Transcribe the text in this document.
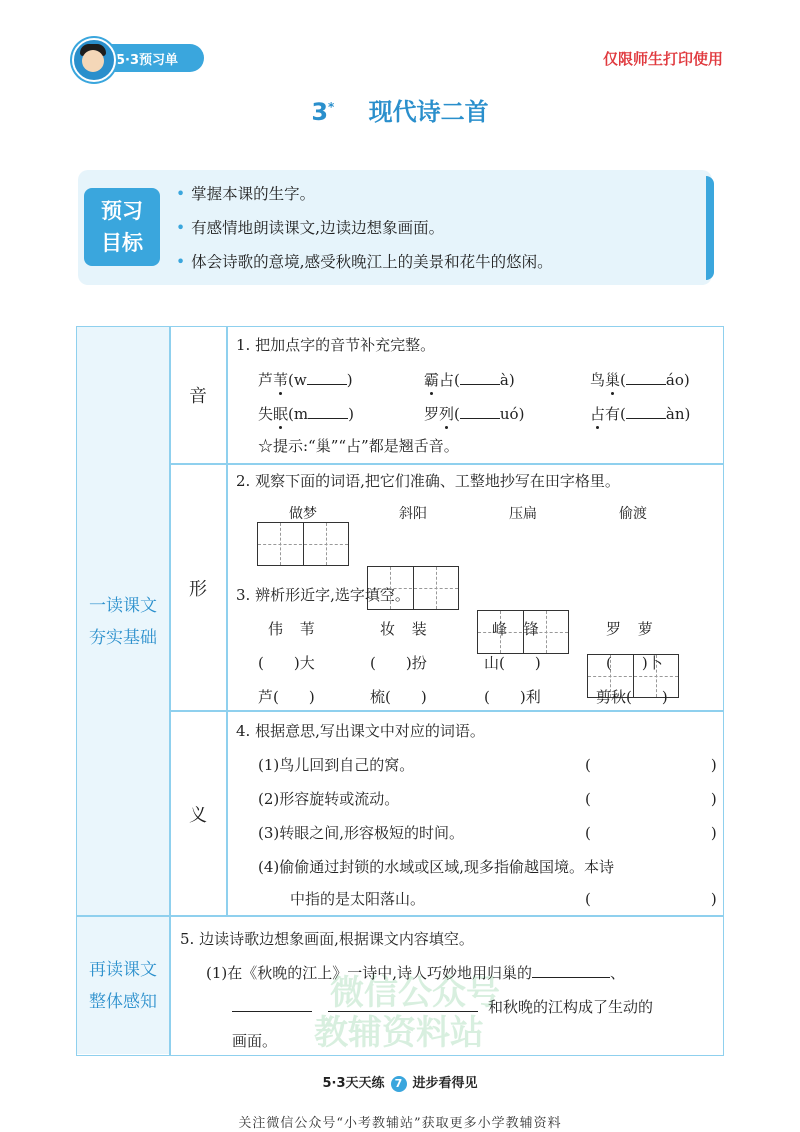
5·3预习单	仅限师生打印使用
3* 现代诗二首
预习
目标
• 掌握本课的生字。
• 有感情地朗读课文,边读边想象画面。
• 体会诗歌的意境,感受秋晚江上的美景和花牛的悠闲。
一读课文
夯实基础
再读课文
整体感知
音
形
义
1. 把加点字的音节补充完整。
芦苇(w	)	霸占(	à)	鸟巢(	áo)
失眠(m	)	罗列(	uó)	占有(	àn)
☆提示:“巢”“占”都是翘舌音。
2. 观察下面的词语,把它们准确、工整地抄写在田字格里。
做梦	斜阳	压扁	偷渡
3. 辨析形近字,选字填空。
伟 苇	妆 装	峰 锋	罗 萝
(　　)大	(　　)扮	山(　　)	(　　)卜
芦(　　)	梳(　　)	(　　)利	剪秋(　　)
微信公众号
教辅资料站
4. 根据意思,写出课文中对应的词语。
(1)鸟儿回到自己的窝。	(　　　　　　　　)
(2)形容旋转或流动。	(　　　　　　　　)
(3)转眼之间,形容极短的时间。	(　　　　　　　　)
(4)偷偷通过封锁的水域或区域,现多指偷越国境。本诗
中指的是太阳落山。	(　　　　　　　　)
5. 边读诗歌边想象画面,根据课文内容填空。
(1)在《秋晚的江上》一诗中,诗人巧妙地用归巢的	、
和秋晚的江构成了生动的
画面。
5·3天天练 7 进步看得见
关注微信公众号“小考教辅站”获取更多小学教辅资料
